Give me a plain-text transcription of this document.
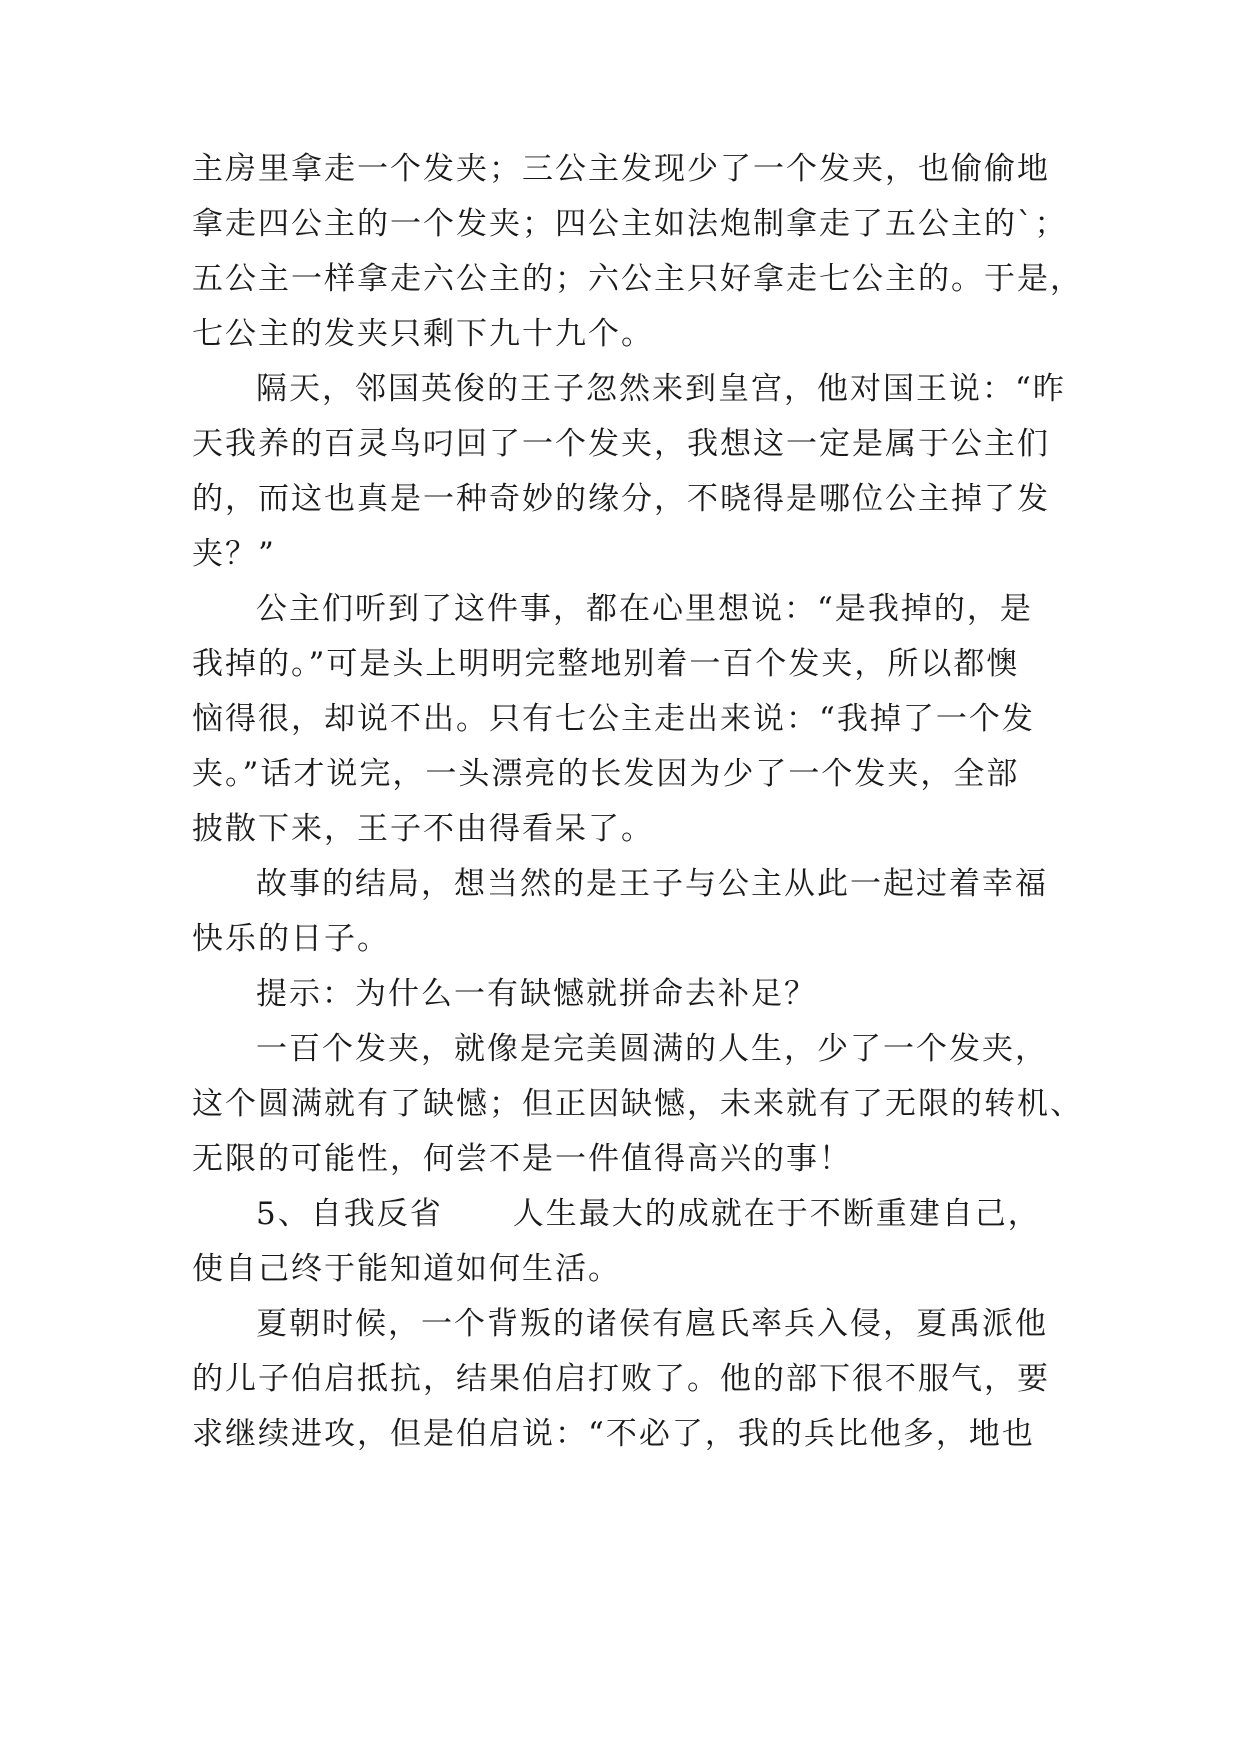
主房里拿走一个发夹；三公主发现少了一个发夹，也偷偷地
拿走四公主的一个发夹；四公主如法炮制拿走了五公主的`；
五公主一样拿走六公主的；六公主只好拿走七公主的。于是，
七公主的发夹只剩下九十九个。
隔天，邻国英俊的王子忽然来到皇宫，他对国王说：“昨
天我养的百灵鸟叼回了一个发夹，我想这一定是属于公主们
的，而这也真是一种奇妙的缘分，不晓得是哪位公主掉了发
夹？”
公主们听到了这件事，都在心里想说：“是我掉的，是
我掉的。”可是头上明明完整地别着一百个发夹，所以都懊
恼得很，却说不出。只有七公主走出来说：“我掉了一个发
夹。”话才说完，一头漂亮的长发因为少了一个发夹，全部
披散下来，王子不由得看呆了。
故事的结局，想当然的是王子与公主从此一起过着幸福
快乐的日子。
提示：为什么一有缺憾就拼命去补足？
一百个发夹，就像是完美圆满的人生，少了一个发夹，
这个圆满就有了缺憾；但正因缺憾，未来就有了无限的转机、
无限的可能性，何尝不是一件值得高兴的事！
5、自我反省 人生最大的成就在于不断重建自己，
使自己终于能知道如何生活。
夏朝时候，一个背叛的诸侯有扈氏率兵入侵，夏禹派他
的儿子伯启抵抗，结果伯启打败了。他的部下很不服气，要
求继续进攻，但是伯启说：“不必了，我的兵比他多，地也
